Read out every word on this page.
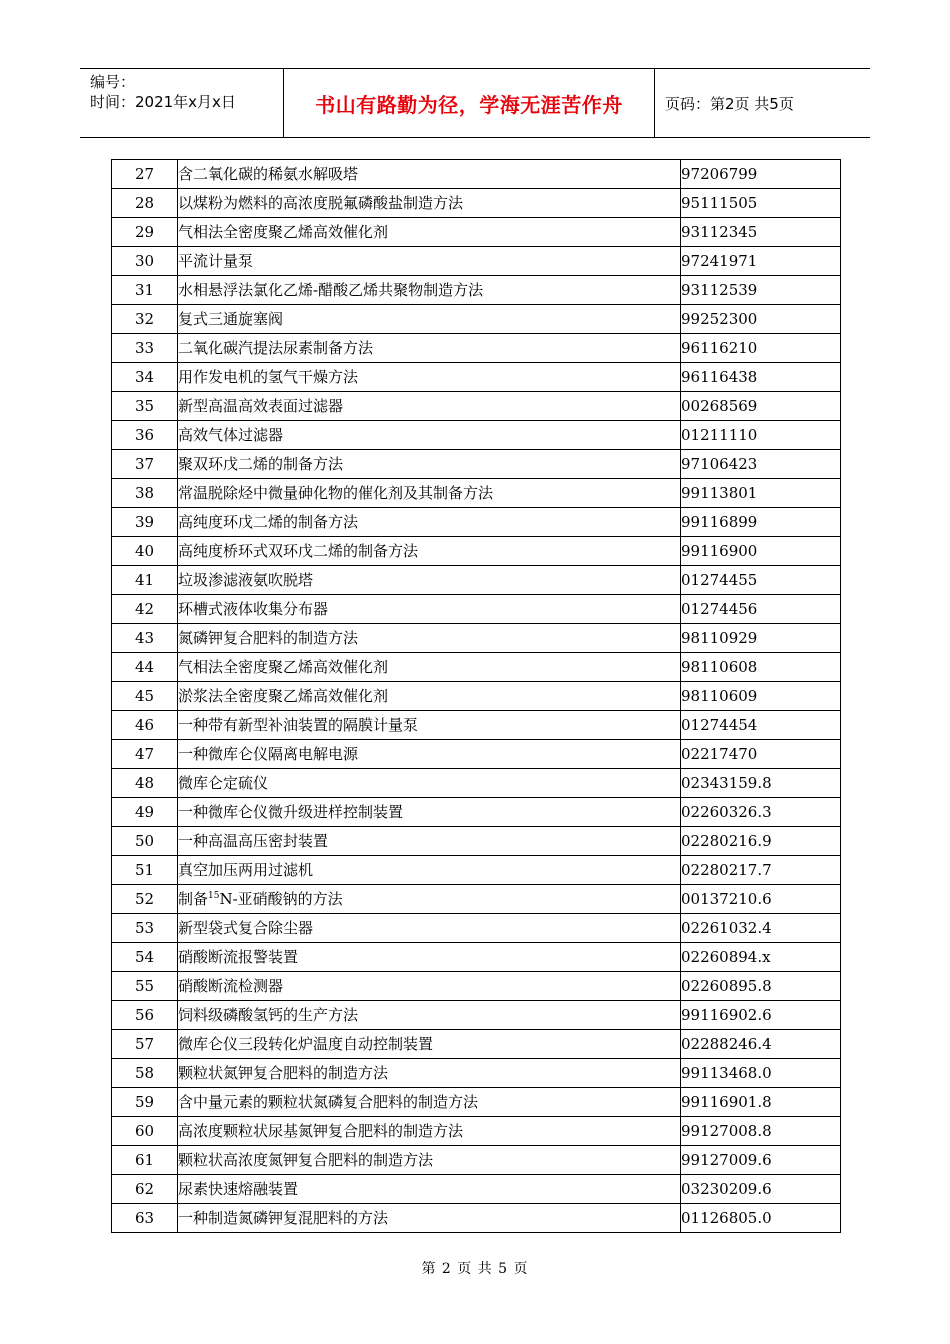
编号：
时间：2021年x月x日	书山有路勤为径，学海无涯苦作舟	页码：第2页 共5页
27	含二氧化碳的稀氨水解吸塔	97206799
28	以煤粉为燃料的高浓度脱氟磷酸盐制造方法	95111505
29	气相法全密度聚乙烯高效催化剂	93112345
30	平流计量泵	97241971
31	水相悬浮法氯化乙烯-醋酸乙烯共聚物制造方法	93112539
32	复式三通旋塞阀	99252300
33	二氧化碳汽提法尿素制备方法	96116210
34	用作发电机的氢气干燥方法	96116438
35	新型高温高效表面过滤器	00268569
36	高效气体过滤器	01211110
37	聚双环戊二烯的制备方法	97106423
38	常温脱除烃中微量砷化物的催化剂及其制备方法	99113801
39	高纯度环戊二烯的制备方法	99116899
40	高纯度桥环式双环戊二烯的制备方法	99116900
41	垃圾渗滤液氨吹脱塔	01274455
42	环槽式液体收集分布器	01274456
43	氮磷钾复合肥料的制造方法	98110929
44	气相法全密度聚乙烯高效催化剂	98110608
45	淤浆法全密度聚乙烯高效催化剂	98110609
46	一种带有新型补油装置的隔膜计量泵	01274454
47	一种微库仑仪隔离电解电源	02217470
48	微库仑定硫仪	02343159.8
49	一种微库仑仪微升级进样控制装置	02260326.3
50	一种高温高压密封装置	02280216.9
51	真空加压两用过滤机	02280217.7
52	制备$^{15}$N-亚硝酸钠的方法	00137210.6
53	新型袋式复合除尘器	02261032.4
54	硝酸断流报警装置	02260894.x
55	硝酸断流检测器	02260895.8
56	饲料级磷酸氢钙的生产方法	99116902.6
57	微库仑仪三段转化炉温度自动控制装置	02288246.4
58	颗粒状氮钾复合肥料的制造方法	99113468.0
59	含中量元素的颗粒状氮磷复合肥料的制造方法	99116901.8
60	高浓度颗粒状尿基氮钾复合肥料的制造方法	99127008.8
61	颗粒状高浓度氮钾复合肥料的制造方法	99127009.6
62	尿素快速熔融装置	03230209.6
63	一种制造氮磷钾复混肥料的方法	01126805.0
第 2 页 共 5 页
